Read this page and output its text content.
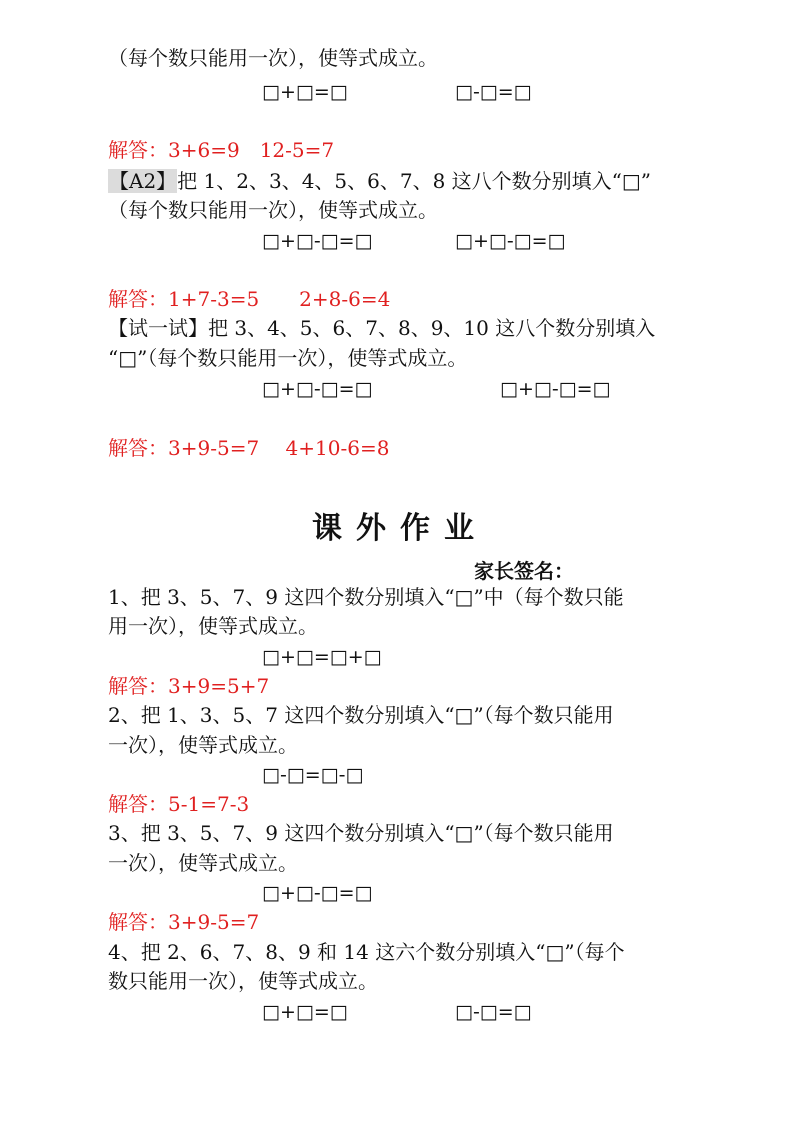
（每个数只能用一次），使等式成立。
□+□=□	□-□=□
解答：3+6=9　12-5=7
【A2】把 1、2、3、4、5、6、7、8 这八个数分别填入“□”
（每个数只能用一次），使等式成立。
□+□-□=□	□+□-□=□
解答：1+7-3=5　　2+8-6=4
【试一试】把 3、4、5、6、7、8、9、10 这八个数分别填入
“□”（每个数只能用一次），使等式成立。
□+□-□=□	□+□-□=□
解答：3+9-5=7　 4+10-6=8
课外作业
家长签名：
1、把 3、5、7、9 这四个数分别填入“□”中（每个数只能
用一次），使等式成立。
□+□=□+□
解答：3+9=5+7
2、把 1、3、5、7 这四个数分别填入“□”（每个数只能用
一次），使等式成立。
□-□=□-□
解答：5-1=7-3
3、把 3、5、7、9 这四个数分别填入“□”（每个数只能用
一次），使等式成立。
□+□-□=□
解答：3+9-5=7
4、把 2、6、7、8、9 和 14 这六个数分别填入“□”（每个
数只能用一次），使等式成立。
□+□=□	□-□=□
